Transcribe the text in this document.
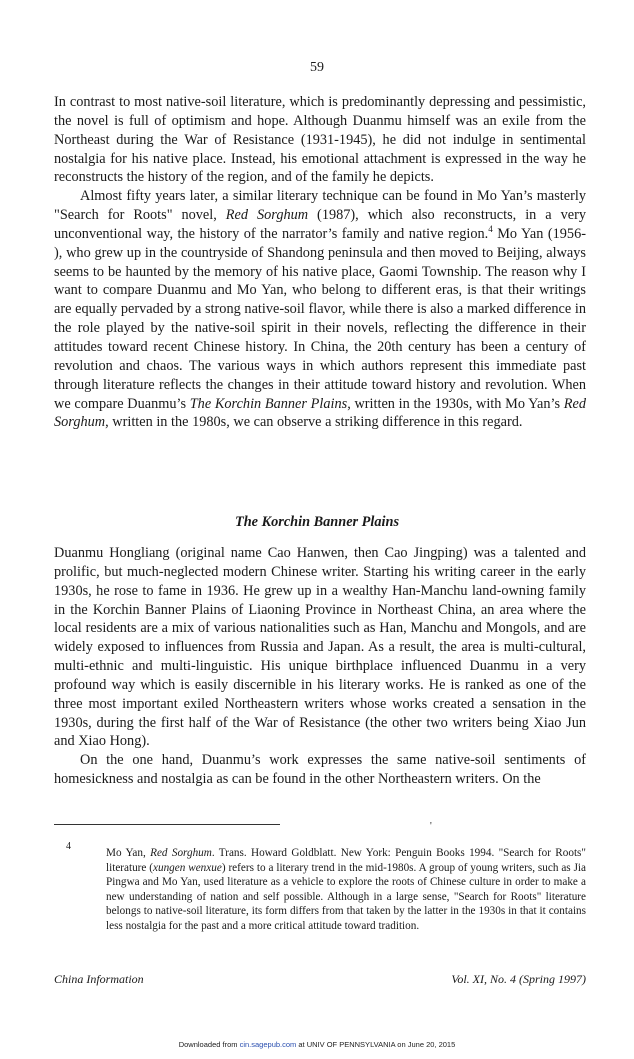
59

In contrast to most native-soil literature, which is predominantly depressing and pessimistic, the novel is full of optimism and hope. Although Duanmu himself was an exile from the Northeast during the War of Resistance (1931-1945), he did not indulge in sentimental nostalgia for his native place. Instead, his emotional attachment is expressed in the way he reconstructs the history of the region, and of the family he depicts.

Almost fifty years later, a similar literary technique can be found in Mo Yan’s masterly "Search for Roots" novel, Red Sorghum (1987), which also reconstructs, in a very unconventional way, the history of the narrator’s family and native region.$^4$ Mo Yan (1956- ), who grew up in the countryside of Shandong peninsula and then moved to Beijing, always seems to be haunted by the memory of his native place, Gaomi Township. The reason why I want to compare Duanmu and Mo Yan, who belong to different eras, is that their writings are equally pervaded by a strong native-soil flavor, while there is also a marked difference in the role played by the native-soil spirit in their novels, reflecting the difference in their attitudes toward recent Chinese history. In China, the 20th century has been a century of revolution and chaos. The various ways in which authors represent this immediate past through literature reflects the changes in their attitude toward history and revolution. When we compare Duanmu’s The Korchin Banner Plains, written in the 1930s, with Mo Yan’s Red Sorghum, written in the 1980s, we can observe a striking difference in this regard.

The Korchin Banner Plains

Duanmu Hongliang (original name Cao Hanwen, then Cao Jingping) was a talented and prolific, but much-neglected modern Chinese writer. Starting his writing career in the early 1930s, he rose to fame in 1936. He grew up in a wealthy Han-Manchu land-owning family in the Korchin Banner Plains of Liaoning Province in Northeast China, an area where the local residents are a mix of various nationalities such as Han, Manchu and Mongols, and are widely exposed to influences from Russia and Japan. As a result, the area is multi-cultural, multi-ethnic and multi-linguistic. His unique birthplace influenced Duanmu in a very profound way which is easily discernible in his literary works. He is ranked as one of the three most important exiled Northeastern writers whose works created a sensation in the 1930s, during the first half of the War of Resistance (the other two writers being Xiao Jun and Xiao Hong).

On the one hand, Duanmu’s work expresses the same native-soil sentiments of homesickness and nostalgia as can be found in the other Northeastern writers. On the

'
4
Mo Yan, Red Sorghum. Trans. Howard Goldblatt. New York: Penguin Books 1994. "Search for Roots" literature (xungen wenxue) refers to a literary trend in the mid-1980s. A group of young writers, such as Jia Pingwa and Mo Yan, used literature as a vehicle to explore the roots of Chinese culture in order to make a new understanding of nation and self possible. Although in a large sense, "Search for Roots" literature belongs to native-soil literature, its form differs from that taken by the latter in the 1930s in that it contains less nostalgia for the past and a more critical attitude toward tradition.
China Information	Vol. XI, No. 4 (Spring 1997)
Downloaded from cin.sagepub.com at UNIV OF PENNSYLVANIA on June 20, 2015
